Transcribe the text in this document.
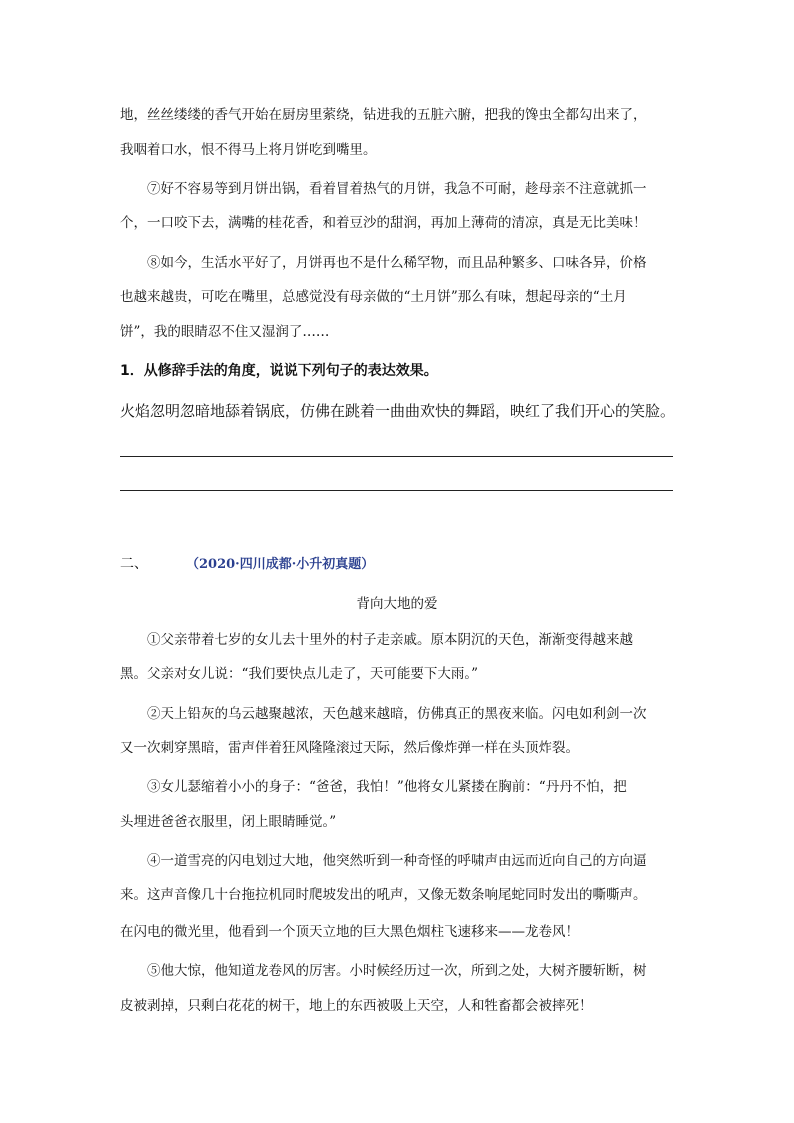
地，丝丝缕缕的香气开始在厨房里萦绕，钻进我的五脏六腑，把我的馋虫全都勾出来了，
我咽着口水，恨不得马上将月饼吃到嘴里。
⑦好不容易等到月饼出锅，看着冒着热气的月饼，我急不可耐，趁母亲不注意就抓一
个，一口咬下去，满嘴的桂花香，和着豆沙的甜润，再加上薄荷的清凉，真是无比美味！
⑧如今，生活水平好了，月饼再也不是什么稀罕物，而且品种繁多、口味各异，价格
也越来越贵，可吃在嘴里，总感觉没有母亲做的“土月饼”那么有味，想起母亲的“土月
饼”，我的眼睛忍不住又湿润了……
1．从修辞手法的角度，说说下列句子的表达效果。
火焰忽明忽暗地舔着锅底，仿佛在跳着一曲曲欢快的舞蹈，映红了我们开心的笑脸。
二、	（2020·四川成都·小升初真题）
背向大地的爱
①父亲带着七岁的女儿去十里外的村子走亲戚。原本阴沉的天色，渐渐变得越来越
黑。父亲对女儿说：“我们要快点儿走了，天可能要下大雨。”
②天上铅灰的乌云越聚越浓，天色越来越暗，仿佛真正的黑夜来临。闪电如利剑一次
又一次刺穿黑暗，雷声伴着狂风隆隆滚过天际，然后像炸弹一样在头顶炸裂。
③女儿瑟缩着小小的身子：“爸爸，我怕！”他将女儿紧搂在胸前：“丹丹不怕，把
头埋进爸爸衣服里，闭上眼睛睡觉。”
④一道雪亮的闪电划过大地，他突然听到一种奇怪的呼啸声由远而近向自己的方向逼
来。这声音像几十台拖拉机同时爬坡发出的吼声，又像无数条响尾蛇同时发出的嘶嘶声。
在闪电的微光里，他看到一个顶天立地的巨大黑色烟柱飞速移来——龙卷风！
⑤他大惊，他知道龙卷风的厉害。小时候经历过一次，所到之处，大树齐腰斩断，树
皮被剥掉，只剩白花花的树干，地上的东西被吸上天空，人和牲畜都会被摔死！
